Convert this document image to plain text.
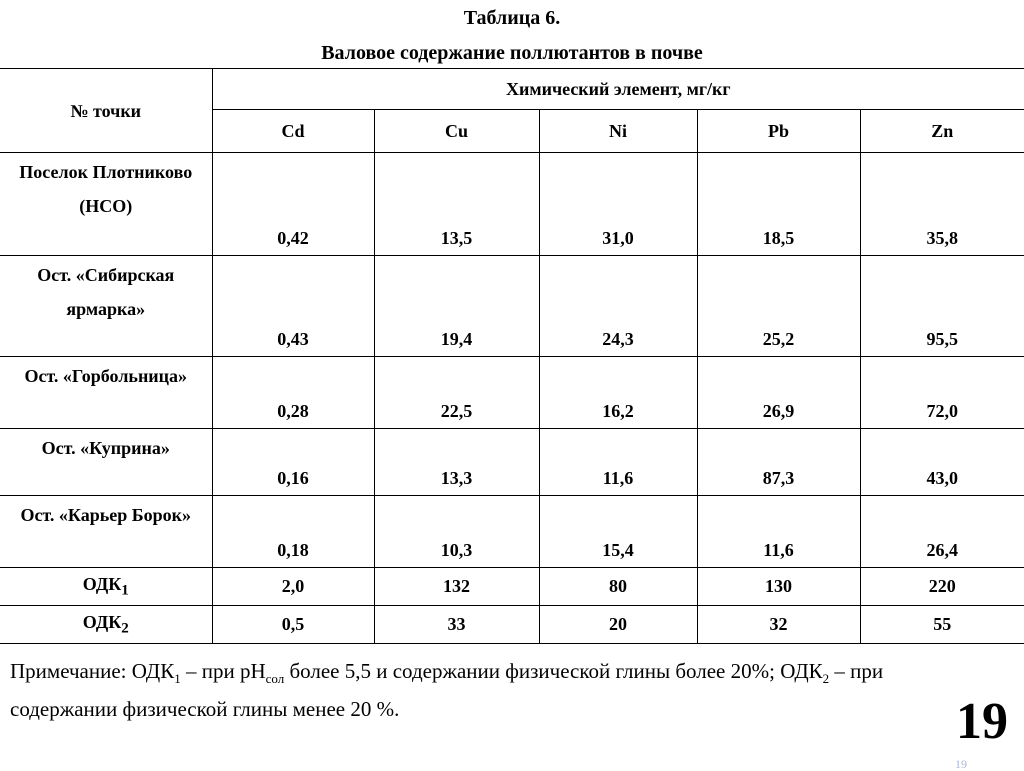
Таблица 6.
Валовое содержание поллютантов в почве
№ точки	Химический элемент, мг/кг				
	Cd	Cu	Ni	Pb	Zn
Поселок Плотниково (НСО)	0,42	13,5	31,0	18,5	35,8
Ост. «Сибирская ярмарка»	0,43	19,4	24,3	25,2	95,5
Ост. «Горбольница»	0,28	22,5	16,2	26,9	72,0
Ост. «Куприна»	0,16	13,3	11,6	87,3	43,0
Ост. «Карьер Борок»	0,18	10,3	15,4	11,6	26,4
$ОДК_1$	2,0	132	80	130	220
$ОДК_2$	0,5	33	20	32	55
Примечание: $ОДК_1$ – при $рН_{сол}$ более 5,5 и содержании физической глины более 20%; $ОДК_2$ – при содержании физической глины менее 20 %.	19
19
